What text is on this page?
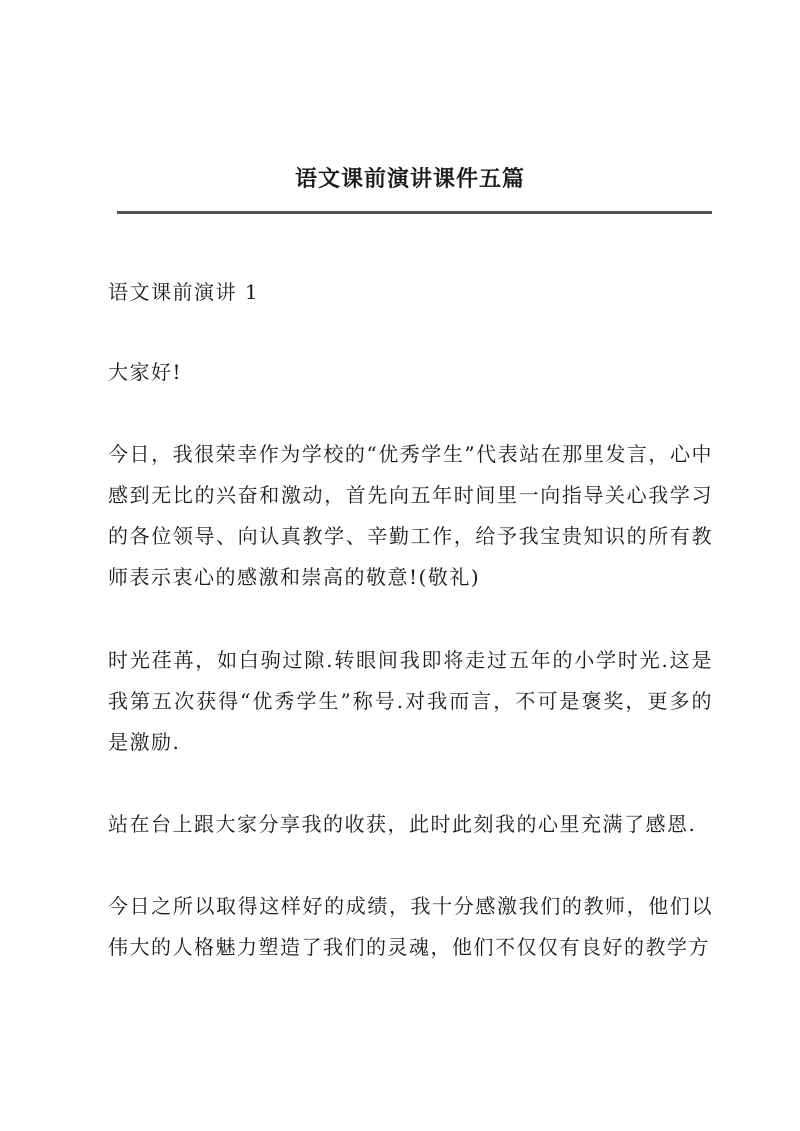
语文课前演讲课件五篇

语文课前演讲 1

大家好!

今日，我很荣幸作为学校的“优秀学生”代表站在那里发言，心中感到无比的兴奋和激动，首先向五年时间里一向指导关心我学习的各位领导、向认真教学、辛勤工作，给予我宝贵知识的所有教师表示衷心的感激和崇高的敬意!(敬礼)

时光荏苒，如白驹过隙.转眼间我即将走过五年的小学时光.这是我第五次获得“优秀学生”称号.对我而言，不可是褒奖，更多的是激励.

站在台上跟大家分享我的收获，此时此刻我的心里充满了感恩.

今日之所以取得这样好的成绩，我十分感激我们的教师，他们以伟大的人格魅力塑造了我们的灵魂，他们不仅仅有良好的教学方
